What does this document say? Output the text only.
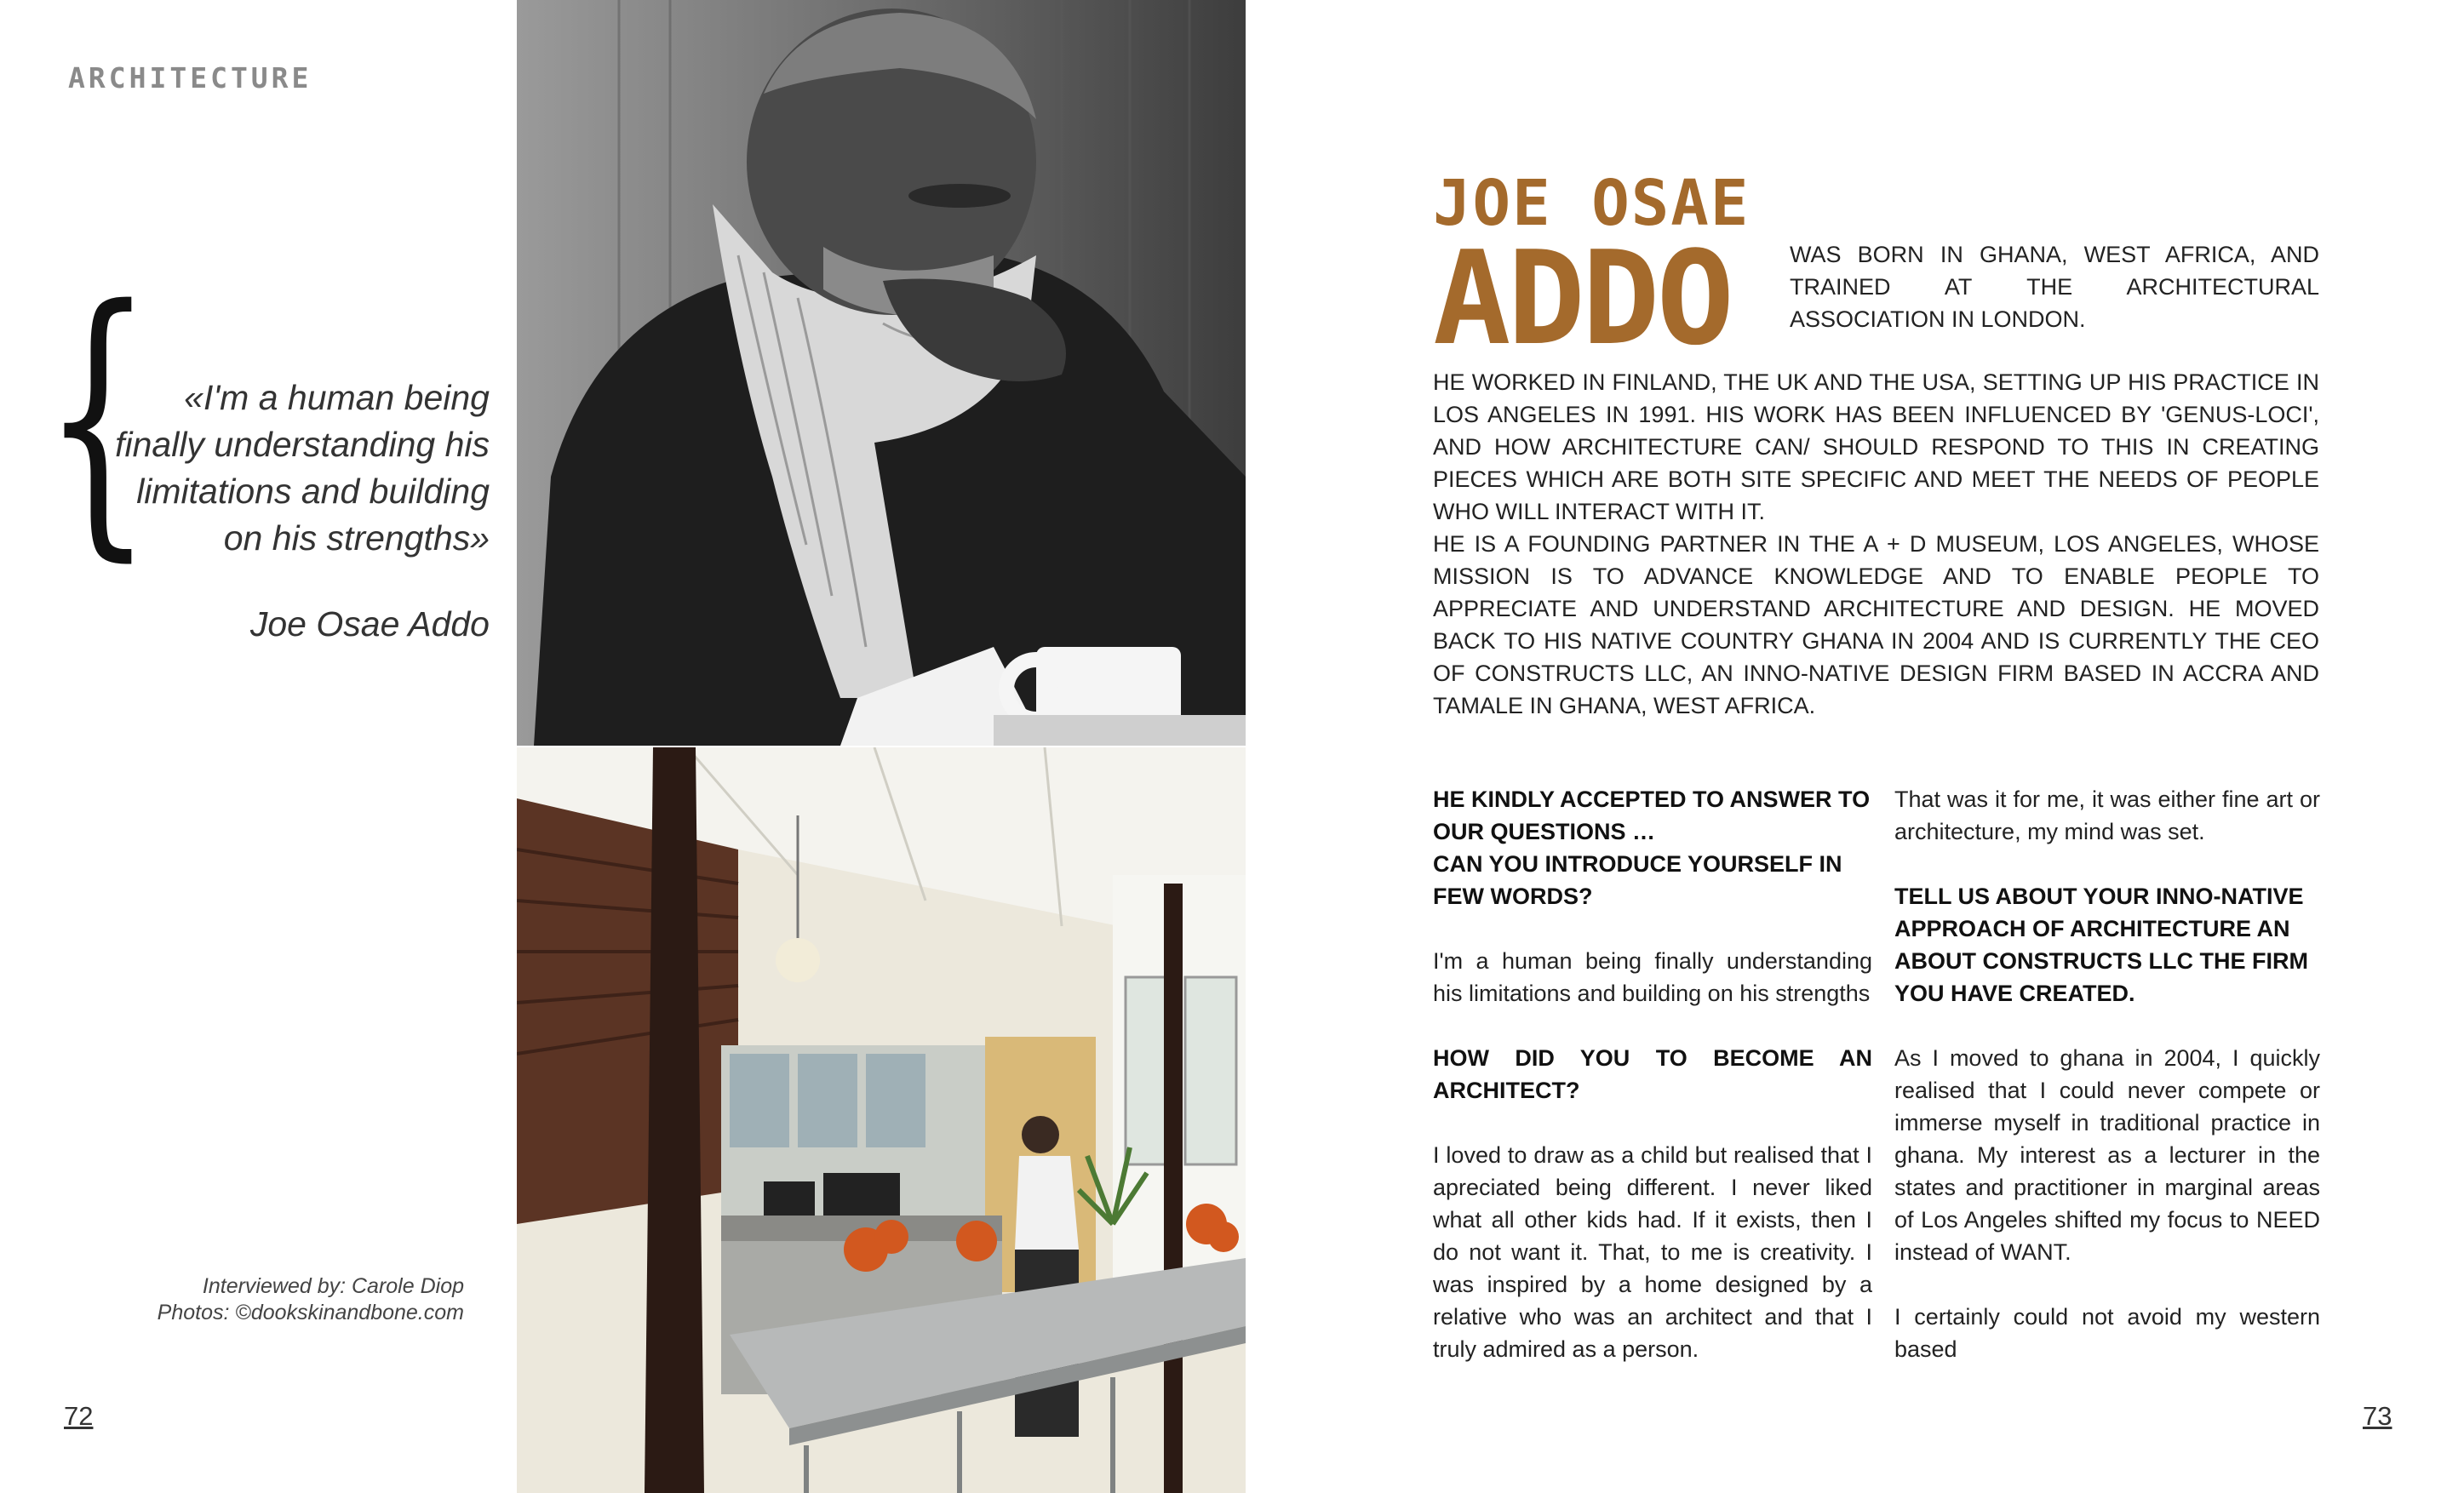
ARCHITECTURE
{ «I'm a human being
finally understanding his
limitations and building
on his strengths»
Joe Osae Addo
Interviewed by: Carole Diop
Photos: ©dookskinandbone.com
72	73
JOE OSAE
ADDO	WAS BORN IN GHANA, WEST AFRICA, AND TRAINED AT THE ARCHITECTURAL ASSOCIATION IN LONDON.
HE WORKED IN FINLAND, THE UK AND THE USA, SETTING UP HIS PRACTICE IN LOS ANGELES IN 1991. HIS WORK HAS BEEN INFLUENCED BY 'GENUS-LOCI', AND HOW ARCHITECTURE CAN/ SHOULD RESPOND TO THIS IN CREATING PIECES WHICH ARE BOTH SITE SPECIFIC AND MEET THE NEEDS OF PEOPLE WHO WILL INTERACT WITH IT.
HE IS A FOUNDING PARTNER IN THE A + D MUSEUM, LOS ANGELES, WHOSE MISSION IS TO ADVANCE KNOWLEDGE AND TO ENABLE PEOPLE TO APPRECIATE AND UNDERSTAND ARCHITECTURE AND DESIGN. HE MOVED BACK TO HIS NATIVE COUNTRY GHANA IN 2004 AND IS CURRENTLY THE CEO OF CONSTRUCTS LLC, AN INNO-NATIVE DESIGN FIRM BASED IN ACCRA AND TAMALE IN GHANA, WEST AFRICA.
HE KINDLY ACCEPTED TO ANSWER TO OUR QUESTIONS …
CAN YOU INTRODUCE YOURSELF IN FEW WORDS?
I'm a human being finally understanding his limitations and building on his strengths
HOW DID YOU TO BECOME AN ARCHITECT?
I loved to draw as a child but realised that I apreciated being different. I never liked what all other kids had. If it exists, then I do not want it. That, to me is creativity. I was inspired by a home designed by a relative who was an architect and that I truly admired as a person.
That was it for me, it was either fine art or architecture, my mind was set.
TELL US ABOUT YOUR INNO-NATIVE APPROACH OF ARCHITECTURE AN ABOUT CONSTRUCTS LLC THE FIRM YOU HAVE CREATED.
As I moved to ghana in 2004, I quickly realised that I could never compete or immerse myself in traditional practice in ghana. My interest as a lecturer in the states and practitioner in marginal areas of Los Angeles shifted my focus to NEED instead of WANT.
I certainly could not avoid my western based
